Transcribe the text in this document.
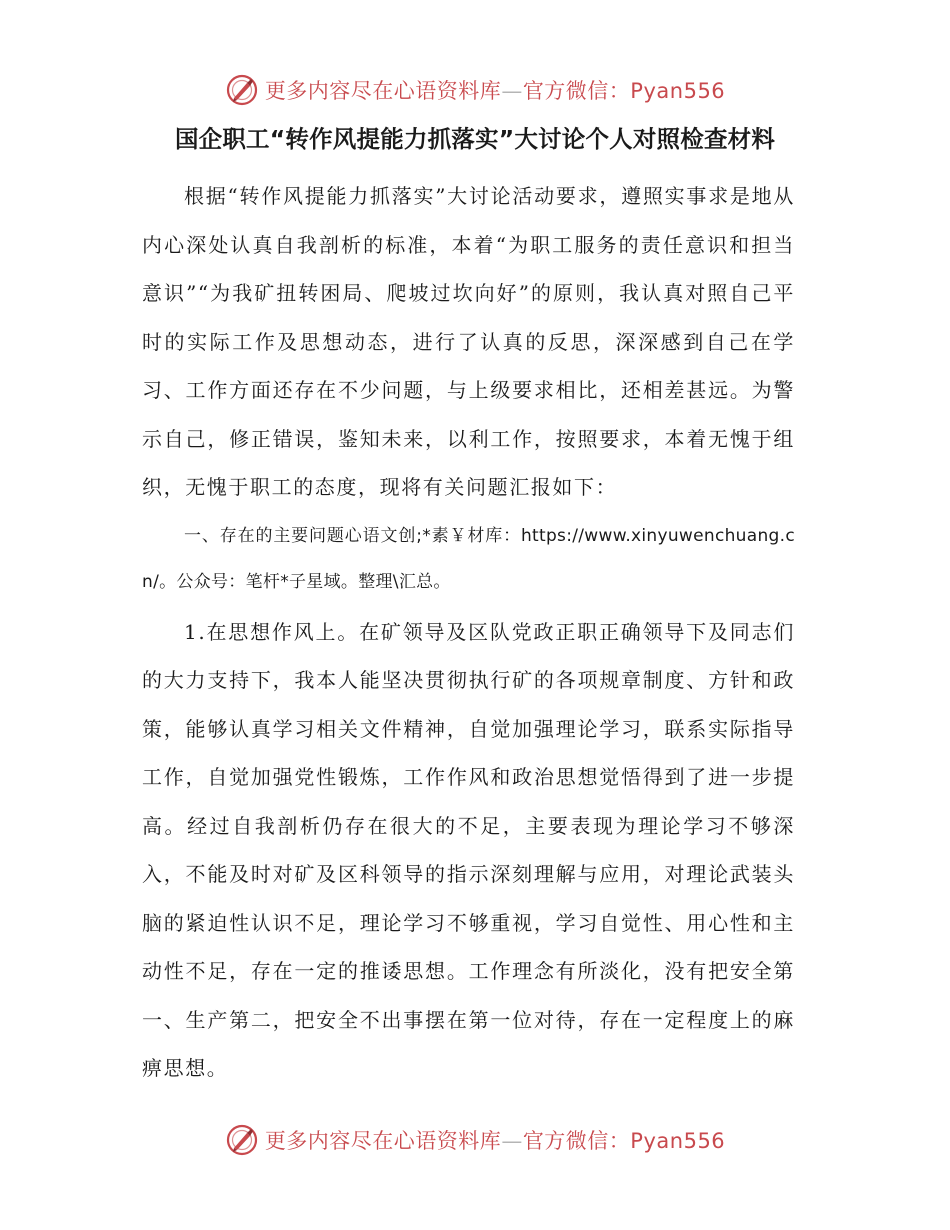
更多内容尽在心语资料库—官方微信：Pyan556
国企职工“转作风提能力抓落实”大讨论个人对照检查材料

根据“转作风提能力抓落实”大讨论活动要求，遵照实事求是地从内心深处认真自我剖析的标准，本着“为职工服务的责任意识和担当意识”“为我矿扭转困局、爬坡过坎向好”的原则，我认真对照自己平时的实际工作及思想动态，进行了认真的反思，深深感到自己在学习、工作方面还存在不少问题，与上级要求相比，还相差甚远。为警示自己，修正错误，鉴知未来，以利工作，按照要求，本着无愧于组织，无愧于职工的态度，现将有关问题汇报如下：

一、存在的主要问题心语文创;*素￥材库：https://www.xinyuwenchuang.cn/。公众号：笔杆*子星域。整理\汇总。

1.在思想作风上。在矿领导及区队党政正职正确领导下及同志们的大力支持下，我本人能坚决贯彻执行矿的各项规章制度、方针和政策，能够认真学习相关文件精神，自觉加强理论学习，联系实际指导工作，自觉加强党性锻炼，工作作风和政治思想觉悟得到了进一步提高。经过自我剖析仍存在很大的不足，主要表现为理论学习不够深入，不能及时对矿及区科领导的指示深刻理解与应用，对理论武装头脑的紧迫性认识不足，理论学习不够重视，学习自觉性、用心性和主动性不足，存在一定的推诿思想。工作理念有所淡化，没有把安全第一、生产第二，把安全不出事摆在第一位对待，存在一定程度上的麻痹思想。

更多内容尽在心语资料库—官方微信：Pyan556
